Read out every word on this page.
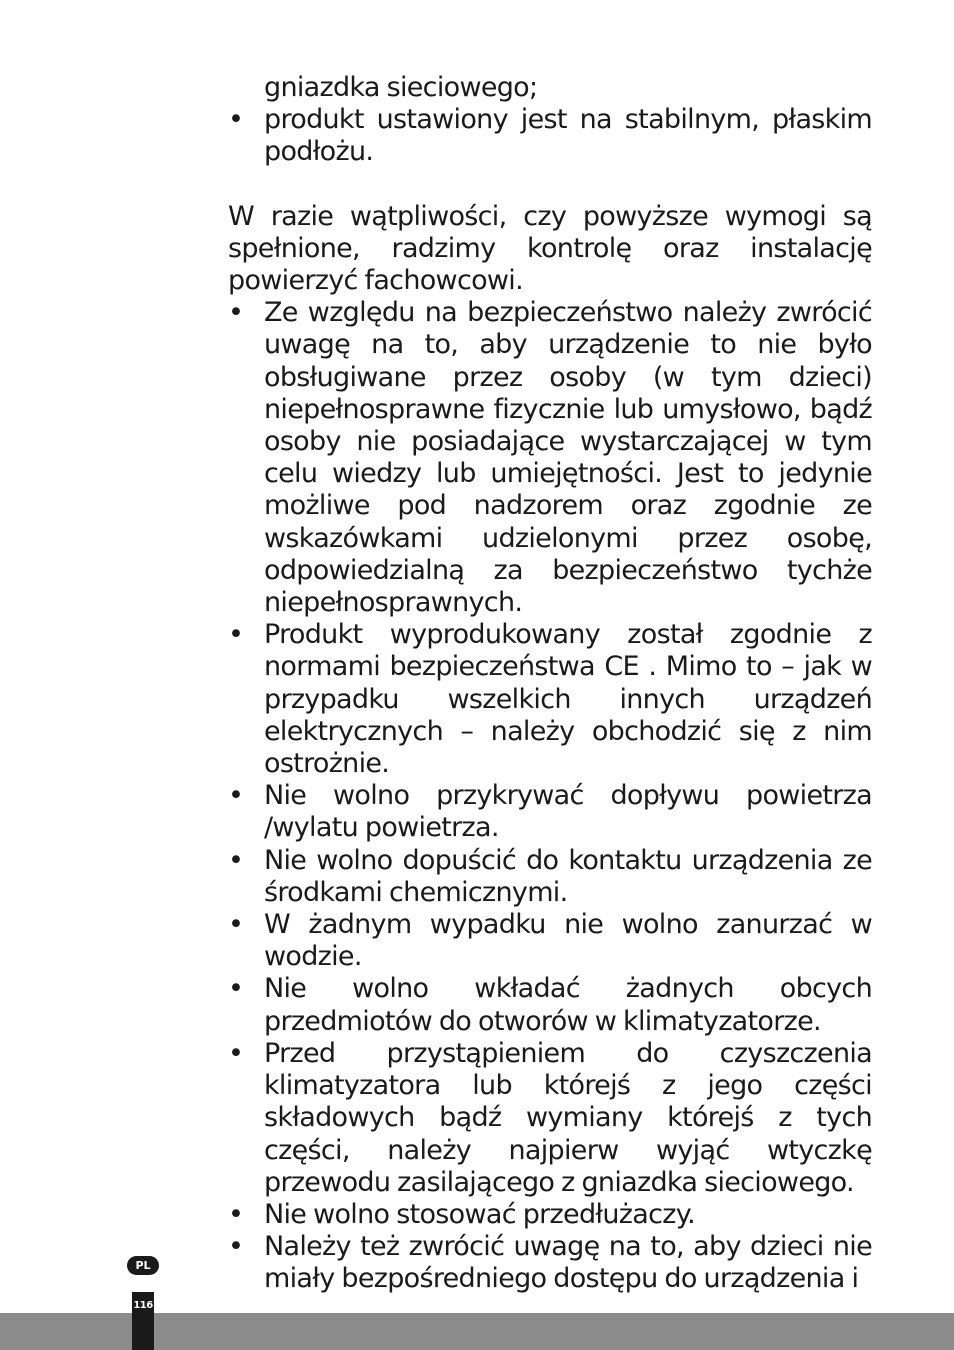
gniazdka sieciowego;
• produkt ustawiony jest na stabilnym, płaskim podłożu.
W razie wątpliwości, czy powyższe wymogi są spełnione, radzimy kontrolę oraz instalację powierzyć fachowcowi.
• Ze względu na bezpieczeństwo należy zwrócić uwagę na to, aby urządzenie to nie było obsługiwane przez osoby (w tym dzieci) niepełnosprawne fizycznie lub umysłowo, bądź osoby nie posiadające wystarczającej w tym celu wiedzy lub umiejętności. Jest to jedynie możliwe pod nadzorem oraz zgodnie ze wskazówkami udzielonymi przez osobę, odpowiedzialną za bezpieczeństwo tychże niepełnosprawnych.
• Produkt wyprodukowany został zgodnie z normami bezpieczeństwa CE . Mimo to – jak w przypadku wszelkich innych urządzeń elektrycznych – należy obchodzić się z nim ostrożnie.
• Nie wolno przykrywać dopływu powietrza /wylatu powietrza.
• Nie wolno dopuścić do kontaktu urządzenia ze środkami chemicznymi.
• W żadnym wypadku nie wolno zanurzać w wodzie.
• Nie wolno wkładać żadnych obcych przedmiotów do otworów w klimatyzatorze.
• Przed przystąpieniem do czyszczenia klimatyzatora lub którejś z jego części składowych bądź wymiany którejś z tych części, należy najpierw wyjąć wtyczkę przewodu zasilającego z gniazdka sieciowego.
• Nie wolno stosować przedłużaczy.
• Należy też zwrócić uwagę na to, aby dzieci nie miały bezpośredniego dostępu do urządzenia i
PL
116
